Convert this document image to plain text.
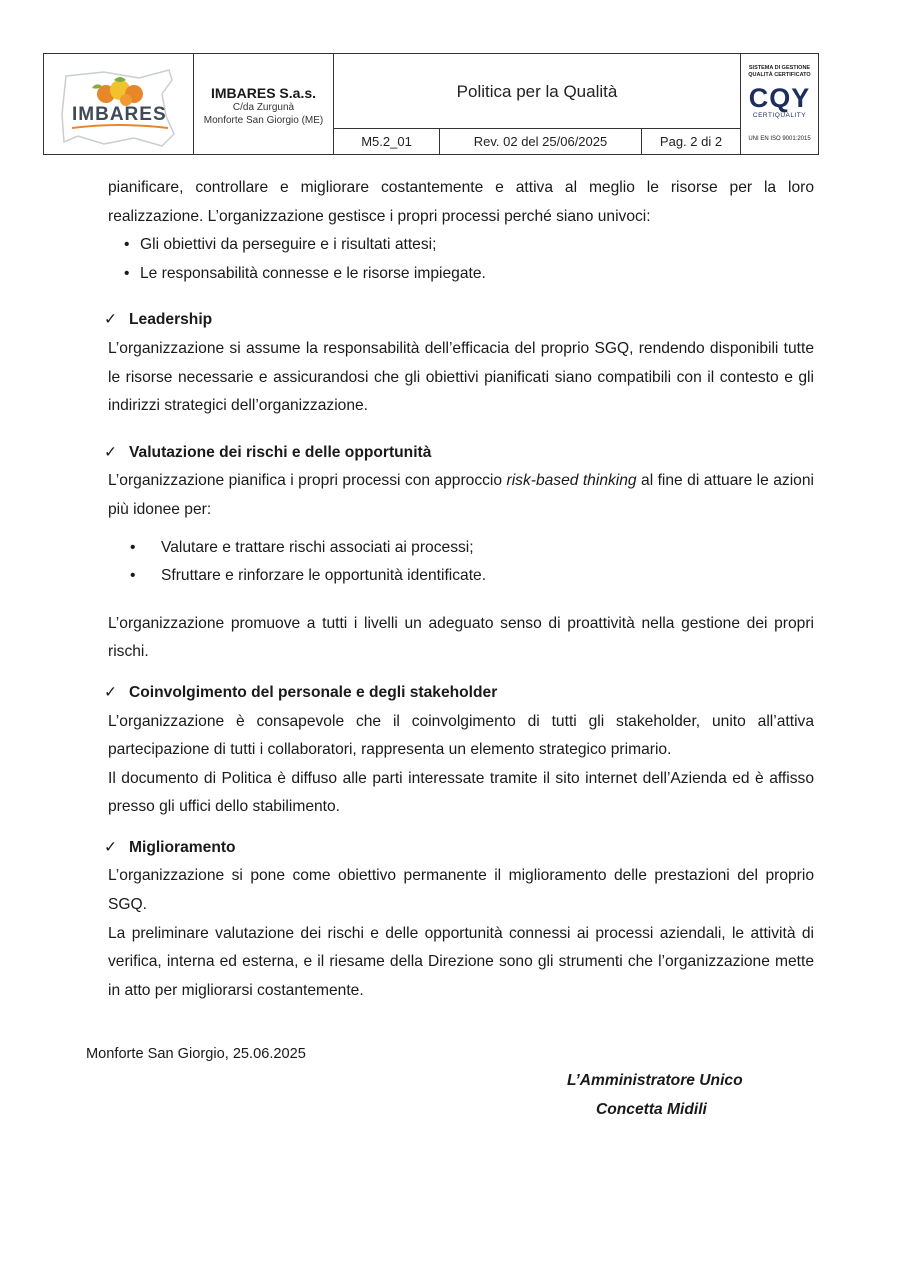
IMBARES
IMBARES S.a.s.
C/da Zurgunà
Monforte San Giorgio (ME)
Politica per la Qualità
SISTEMA DI GESTIONE
QUALITÀ CERTIFICATO
CQY
CERTIQUALITY
UNI EN ISO 9001:2015
M5.2_01	Rev. 02 del 25/06/2025	Pag. 2 di 2

pianificare, controllare e migliorare costantemente e attiva al meglio le risorse per la loro realizzazione. L’organizzazione gestisce i propri processi perché siano univoci:

• Gli obiettivi da perseguire e i risultati attesi;
• Le responsabilità connesse e le risorse impiegate.
✓ Leadership

L’organizzazione si assume la responsabilità dell’efficacia del proprio SGQ, rendendo disponibili tutte le risorse necessarie e assicurandosi che gli obiettivi pianificati siano compatibili con il contesto e gli indirizzi strategici dell’organizzazione.

✓ Valutazione dei rischi e delle opportunità

L’organizzazione pianifica i propri processi con approccio risk-based thinking al fine di attuare le azioni più idonee per:

•	Valutare e trattare rischi associati ai processi;
•	Sfruttare e rinforzare le opportunità identificate.

L’organizzazione promuove a tutti i livelli un adeguato senso di proattività nella gestione dei propri rischi.

✓ Coinvolgimento del personale e degli stakeholder

L’organizzazione è consapevole che il coinvolgimento di tutti gli stakeholder, unito all’attiva partecipazione di tutti i collaboratori, rappresenta un elemento strategico primario.

Il documento di Politica è diffuso alle parti interessate tramite il sito internet dell’Azienda ed è affisso presso gli uffici dello stabilimento.

✓ Miglioramento

L’organizzazione si pone come obiettivo permanente il miglioramento delle prestazioni del proprio SGQ.

La preliminare valutazione dei rischi e delle opportunità connessi ai processi aziendali, le attività di verifica, interna ed esterna, e il riesame della Direzione sono gli strumenti che l’organizzazione mette in atto per migliorarsi costantemente.

Monforte San Giorgio, 25.06.2025
L’Amministratore Unico
Concetta Midili
